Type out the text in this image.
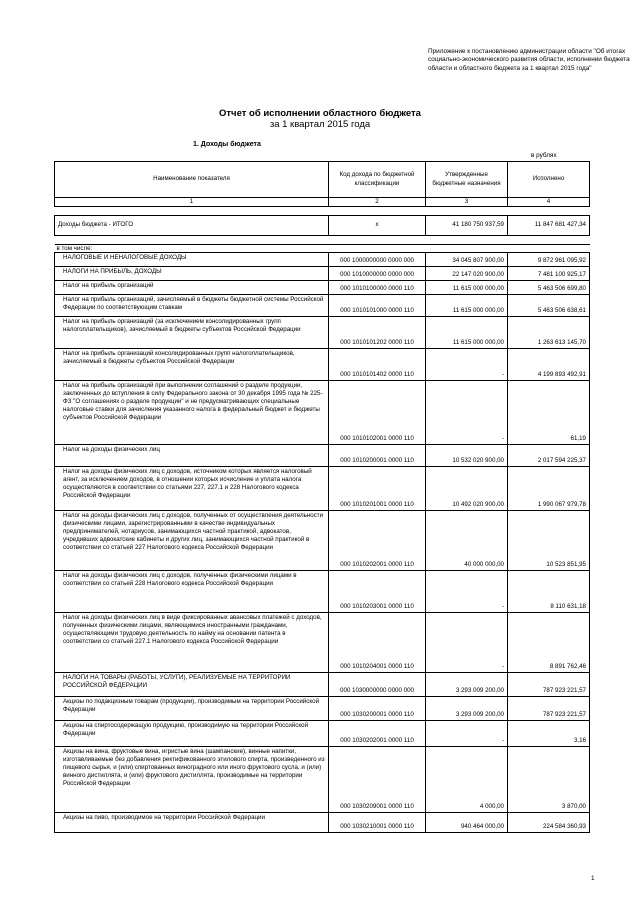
Приложение к постановлению администрации области "Об итогах социально-экономического развития области, исполнении бюджета области и областного бюджета за 1 квартал 2015 года"
Отчет об исполнении областного бюджета
за 1 квартал 2015 года
1. Доходы бюджета
в рублях
Наименование показателя	Код дохода по бюджетной классификации	Утвержденные бюджетные назначения	Исполнено
1	2	3	4

Доходы бюджета - ИТОГО	x	41 180 750 937,59	11 847 681 427,34

в том числе:			
НАЛОГОВЫЕ И НЕНАЛОГОВЫЕ ДОХОДЫ	000 1000000000 0000 000	34 045 807 900,00	9 872 961 095,92
НАЛОГИ НА ПРИБЫЛЬ, ДОХОДЫ	000 1010000000 0000 000	22 147 020 900,00	7 481 100 925,17
Налог на прибыль организаций	000 1010100000 0000 110	11 615 000 000,00	5 463 506 699,80
Налог на прибыль организаций, зачисляемый в бюджеты бюджетной системы Российской Федерации по соответствующим ставкам	000 1010101000 0000 110	11 615 000 000,00	5 463 506 638,61
Налог на прибыль организаций (за исключением консолидированных групп налогоплательщиков), зачисляемый в бюджеты субъектов Российской Федерации	000 1010101202 0000 110	11 615 000 000,00	1 263 613 145,70
Налог на прибыль организаций консолидированных групп налогоплательщиков, зачисляемый в бюджеты субъектов Российской Федерации	000 1010101402 0000 110	-	4 199 893 492,91
Налог на прибыль организаций при выполнении соглашений о разделе продукции, заключенных до вступления в силу Федерального закона от 30 декабря 1995 года № 225-ФЗ "О соглашениях о разделе продукции" и не предусматривающих специальные налоговые ставки для зачисления указанного налога в федеральный бюджет и бюджеты субъектов Российской Федерации	000 1010102001 0000 110	-	61,19
Налог на доходы физических лиц	000 1010200001 0000 110	10 532 020 900,00	2 017 594 225,37
Налог на доходы физических лиц с доходов, источником которых является налоговый агент, за исключением доходов, в отношении которых исчисление и уплата налога осуществляются в соответствии со статьями 227, 227.1 и 228 Налогового кодекса Российской Федерации	000 1010201001 0000 110	10 492 020 900,00	1 990 067 979,78
Налог на доходы физических лиц с доходов, полученных от осуществления деятельности физическими лицами, зарегистрированными в качестве индивидуальных предпринимателей, нотариусов, занимающихся частной практикой, адвокатов, учредивших адвокатские кабинеты и других лиц, занимающихся частной практикой в соответствии со статьей 227 Налогового кодекса Российской Федерации	000 1010202001 0000 110	40 000 000,00	10 523 851,95
Налог на доходы физических лиц с доходов, полученных физическими лицами в соответствии со статьей 228 Налогового кодекса Российской Федерации	000 1010203001 0000 110	-	8 110 631,18
Налог на доходы физических лиц в виде фиксированных авансовых платежей с доходов, полученных физическими лицами, являющимися иностранными гражданами, осуществляющими трудовую деятельность по найму на основании патента в соответствии со статьей 227.1 Налогового кодекса Российской Федерации	000 1010204001 0000 110	-	8 891 762,46
НАЛОГИ НА ТОВАРЫ (РАБОТЫ, УСЛУГИ), РЕАЛИЗУЕМЫЕ НА ТЕРРИТОРИИ РОССИЙСКОЙ ФЕДЕРАЦИИ	000 1030000000 0000 000	3 293 009 200,00	787 923 221,57
Акцизы по подакцизным товарам (продукции), производимым на территории Российской Федерации	000 1030200001 0000 110	3 293 009 200,00	787 923 221,57
Акцизы на спиртосодержащую продукцию, производимую на территории Российской Федерации	000 1030202001 0000 110	-	3,16
Акцизы на вина, фруктовые вина, игристые вина (шампанские), винные напитки, изготавливаемые без добавления ректификованного этилового спирта, произведенного из пищевого сырья, и (или) спиртованных виноградного или иного фруктового сусла, и (или) винного дистиллята, и (или) фруктового дистиллята, производимые на территории Российской Федерации	000 1030209001 0000 110	4 000,00	3 870,00
Акцизы на пиво, производимое на территории Российской Федерации	000 1030210001 0000 110	940 464 000,00	224 584 360,93
1
